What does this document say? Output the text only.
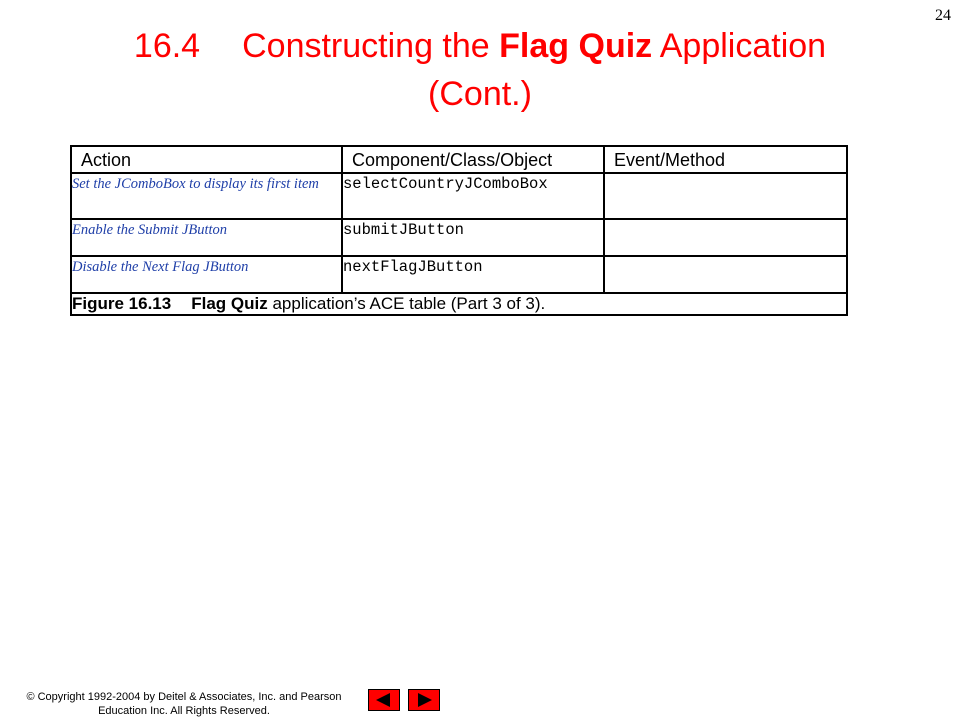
24
16.4 Constructing the Flag Quiz Application
(Cont.)
Action	Component/Class/Object	Event/Method
Set the JComboBox to display its first item	selectCountryJComboBox	
Enable the Submit JButton	submitJButton	
Disable the Next Flag JButton	nextFlagJButton	
Figure 16.13 Flag Quiz application’s ACE table (Part 3 of 3).		
© Copyright 1992-2004 by Deitel & Associates, Inc. and Pearson
Education Inc. All Rights Reserved.
